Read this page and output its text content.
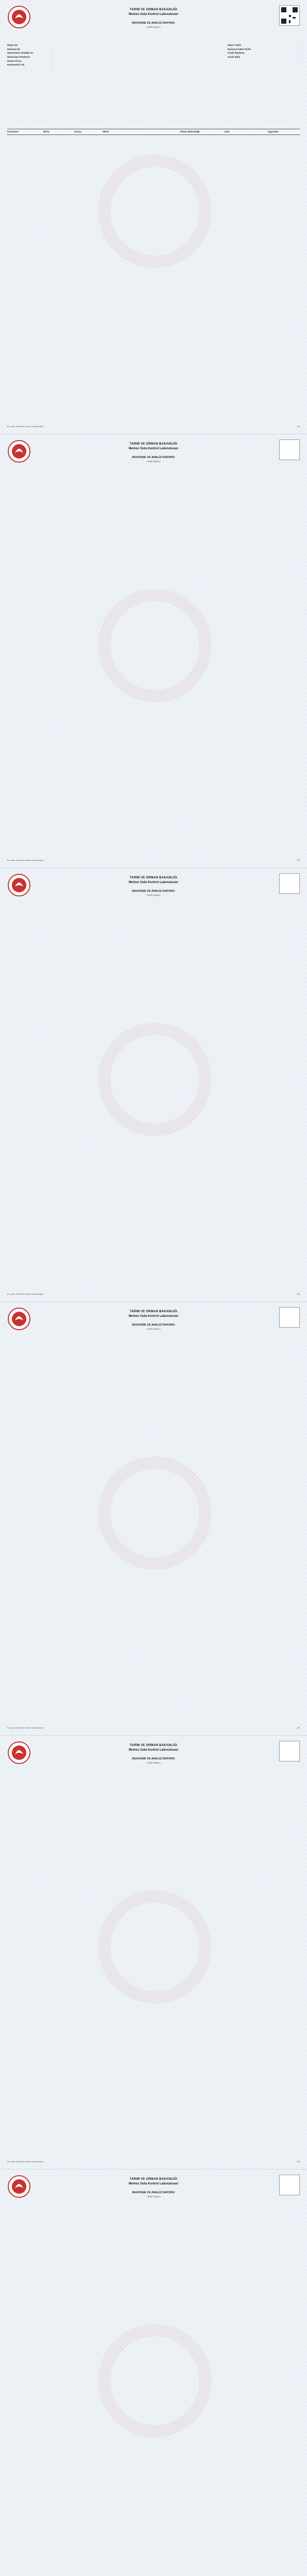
TARIM VE ORMAN BAKANLIĞI
Merkez Gıda Kontrol Laboratuvarı
MUAYENE VE ANALİZ RAPORU
Analiz Raporu
Rapor No	…
Numune No	…
Numunenin Alındığı Yer	…
Numuneyi Gönderen	…
Üretici Firma	…
Numunenin Adı	…
Rapor Tarihi	…
Numune Kabul Tarihi	…
Analiz Başlama	…
Analiz Bitiş	…
Parametre	Birim	Sonuç	Metot	Ölçüm Belirsizliği	Limit	Uygunluk
Bu rapor elektronik olarak imzalanmıştır.	1/8
TARIM VE ORMAN BAKANLIĞI
Merkez Gıda Kontrol Laboratuvarı
MUAYENE VE ANALİZ RAPORU
Analiz Raporu
Bu rapor elektronik olarak imzalanmıştır.	2/8
TARIM VE ORMAN BAKANLIĞI
Merkez Gıda Kontrol Laboratuvarı
MUAYENE VE ANALİZ RAPORU
Analiz Raporu
Bu rapor elektronik olarak imzalanmıştır.	3/8
TARIM VE ORMAN BAKANLIĞI
Merkez Gıda Kontrol Laboratuvarı
MUAYENE VE ANALİZ RAPORU
Analiz Raporu
Bu rapor elektronik olarak imzalanmıştır.	4/8
TARIM VE ORMAN BAKANLIĞI
Merkez Gıda Kontrol Laboratuvarı
MUAYENE VE ANALİZ RAPORU
Analiz Raporu
Bu rapor elektronik olarak imzalanmıştır.	5/8
TARIM VE ORMAN BAKANLIĞI
Merkez Gıda Kontrol Laboratuvarı
MUAYENE VE ANALİZ RAPORU
Analiz Raporu
